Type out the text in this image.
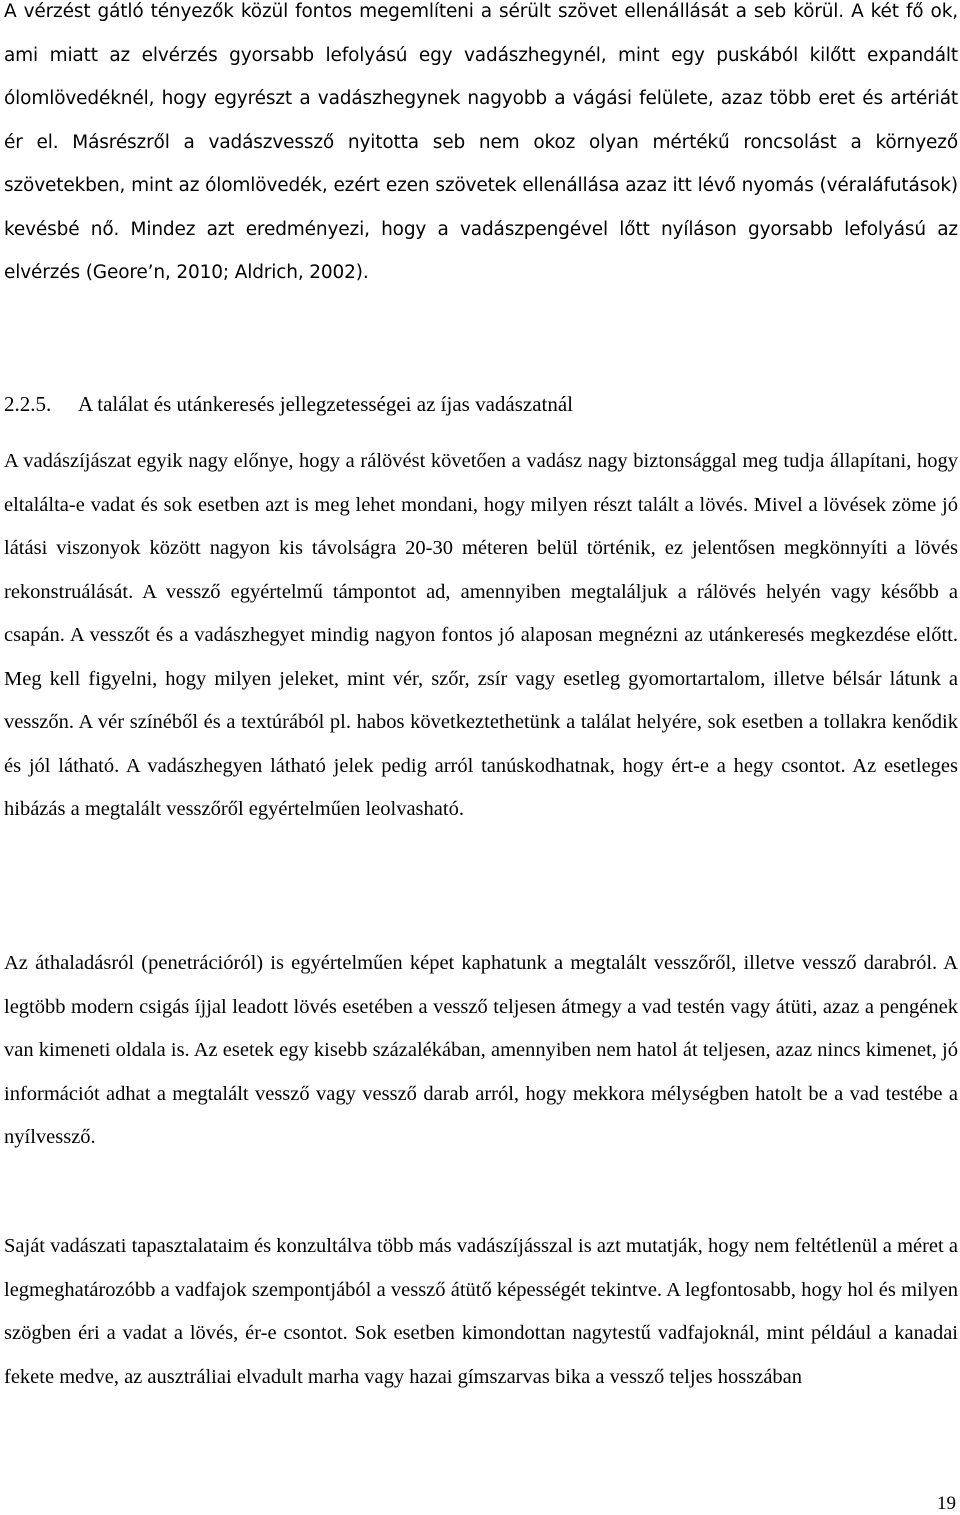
A vérzést gátló tényezők közül fontos megemlíteni a sérült szövet ellenállását a seb körül. A két fő ok, ami miatt az elvérzés gyorsabb lefolyású egy vadászhegynél, mint egy puskából kilőtt expandált ólomlövedéknél, hogy egyrészt a vadászhegynek nagyobb a vágási felülete, azaz több eret és artériát ér el. Másrészről a vadászvessző nyitotta seb nem okoz olyan mértékű roncsolást a környező szövetekben, mint az ólomlövedék, ezért ezen szövetek ellenállása azaz itt lévő nyomás (véraláfutások) kevésbé nő. Mindez azt eredményezi, hogy a vadászpengével lőtt nyíláson gyorsabb lefolyású az elvérzés (Geore’n, 2010; Aldrich, 2002).

2.2.5. A találat és utánkeresés jellegzetességei az íjas vadászatnál

A vadászíjászat egyik nagy előnye, hogy a rálövést követően a vadász nagy biztonsággal meg tudja állapítani, hogy eltalálta-e vadat és sok esetben azt is meg lehet mondani, hogy milyen részt talált a lövés. Mivel a lövések zöme jó látási viszonyok között nagyon kis távolságra 20-30 méteren belül történik, ez jelentősen megkönnyíti a lövés rekonstruálását. A vessző egyértelmű támpontot ad, amennyiben megtaláljuk a rálövés helyén vagy később a csapán. A vesszőt és a vadászhegyet mindig nagyon fontos jó alaposan megnézni az utánkeresés megkezdése előtt. Meg kell figyelni, hogy milyen jeleket, mint vér, szőr, zsír vagy esetleg gyomortartalom, illetve bélsár látunk a vesszőn. A vér színéből és a textúrából pl. habos következtethetünk a találat helyére, sok esetben a tollakra kenődik és jól látható. A vadászhegyen látható jelek pedig arról tanúskodhatnak, hogy ért-e a hegy csontot. Az esetleges hibázás a megtalált vesszőről egyértelműen leolvasható.

Az áthaladásról (penetrációról) is egyértelműen képet kaphatunk a megtalált vesszőről, illetve vessző darabról. A legtöbb modern csigás íjjal leadott lövés esetében a vessző teljesen átmegy a vad testén vagy átüti, azaz a pengének van kimeneti oldala is. Az esetek egy kisebb százalékában, amennyiben nem hatol át teljesen, azaz nincs kimenet, jó információt adhat a megtalált vessző vagy vessző darab arról, hogy mekkora mélységben hatolt be a vad testébe a nyílvessző.

Saját vadászati tapasztalataim és konzultálva több más vadászíjásszal is azt mutatják, hogy nem feltétlenül a méret a legmeghatározóbb a vadfajok szempontjából a vessző átütő képességét tekintve. A legfontosabb, hogy hol és milyen szögben éri a vadat a lövés, ér-e csontot. Sok esetben kimondottan nagytestű vadfajoknál, mint például a kanadai fekete medve, az ausztráliai elvadult marha vagy hazai gímszarvas bika a vessző teljes hosszában

19
